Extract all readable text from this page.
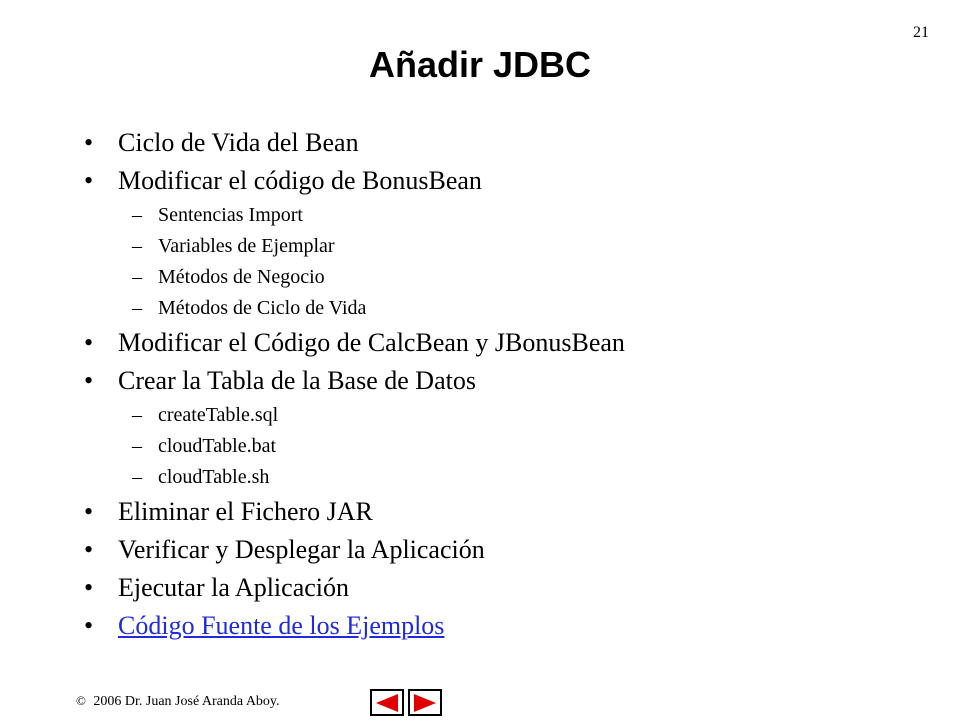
21
Añadir JDBC
• Ciclo de Vida del Bean
• Modificar el código de BonusBean
– Sentencias Import
– Variables de Ejemplar
– Métodos de Negocio
– Métodos de Ciclo de Vida
• Modificar el Código de CalcBean y JBonusBean
• Crear la Tabla de la Base de Datos
– createTable.sql
– cloudTable.bat
– cloudTable.sh
• Eliminar el Fichero JAR
• Verificar y Desplegar la Aplicación
• Ejecutar la Aplicación
• Código Fuente de los Ejemplos
© 2006 Dr. Juan José Aranda Aboy.
